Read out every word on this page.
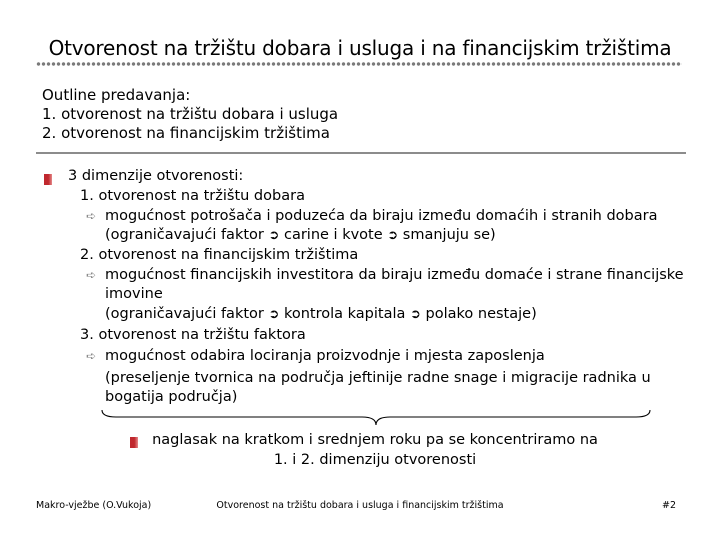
Otvorenost na tržištu dobara i usluga i na financijskim tržištima
Outline predavanja:
1. otvorenost na tržištu dobara i usluga
2. otvorenost na financijskim tržištima
3 dimenzije otvorenosti:
1. otvorenost na tržištu dobara
➪ mogućnost potrošača i poduzeća da biraju između domaćih i stranih dobara
(ograničavajući faktor ➲ carine i kvote ➲ smanjuju se)
2. otvorenost na financijskim tržištima
➪ mogućnost financijskih investitora da biraju između domaće i strane financijske
imovine
(ograničavajući faktor ➲ kontrola kapitala ➲ polako nestaje)
3. otvorenost na tržištu faktora
➪ mogućnost odabira lociranja proizvodnje i mjesta zaposlenja
(preseljenje tvornica na područja jeftinije radne snage i migracije radnika u
bogatija područja)
naglasak na kratkom i srednjem roku pa se koncentriramo na
1. i 2. dimenziju otvorenosti
Makro-vježbe (O.Vukoja)	Otvorenost na tržištu dobara i usluga i financijskim tržištima	#2
